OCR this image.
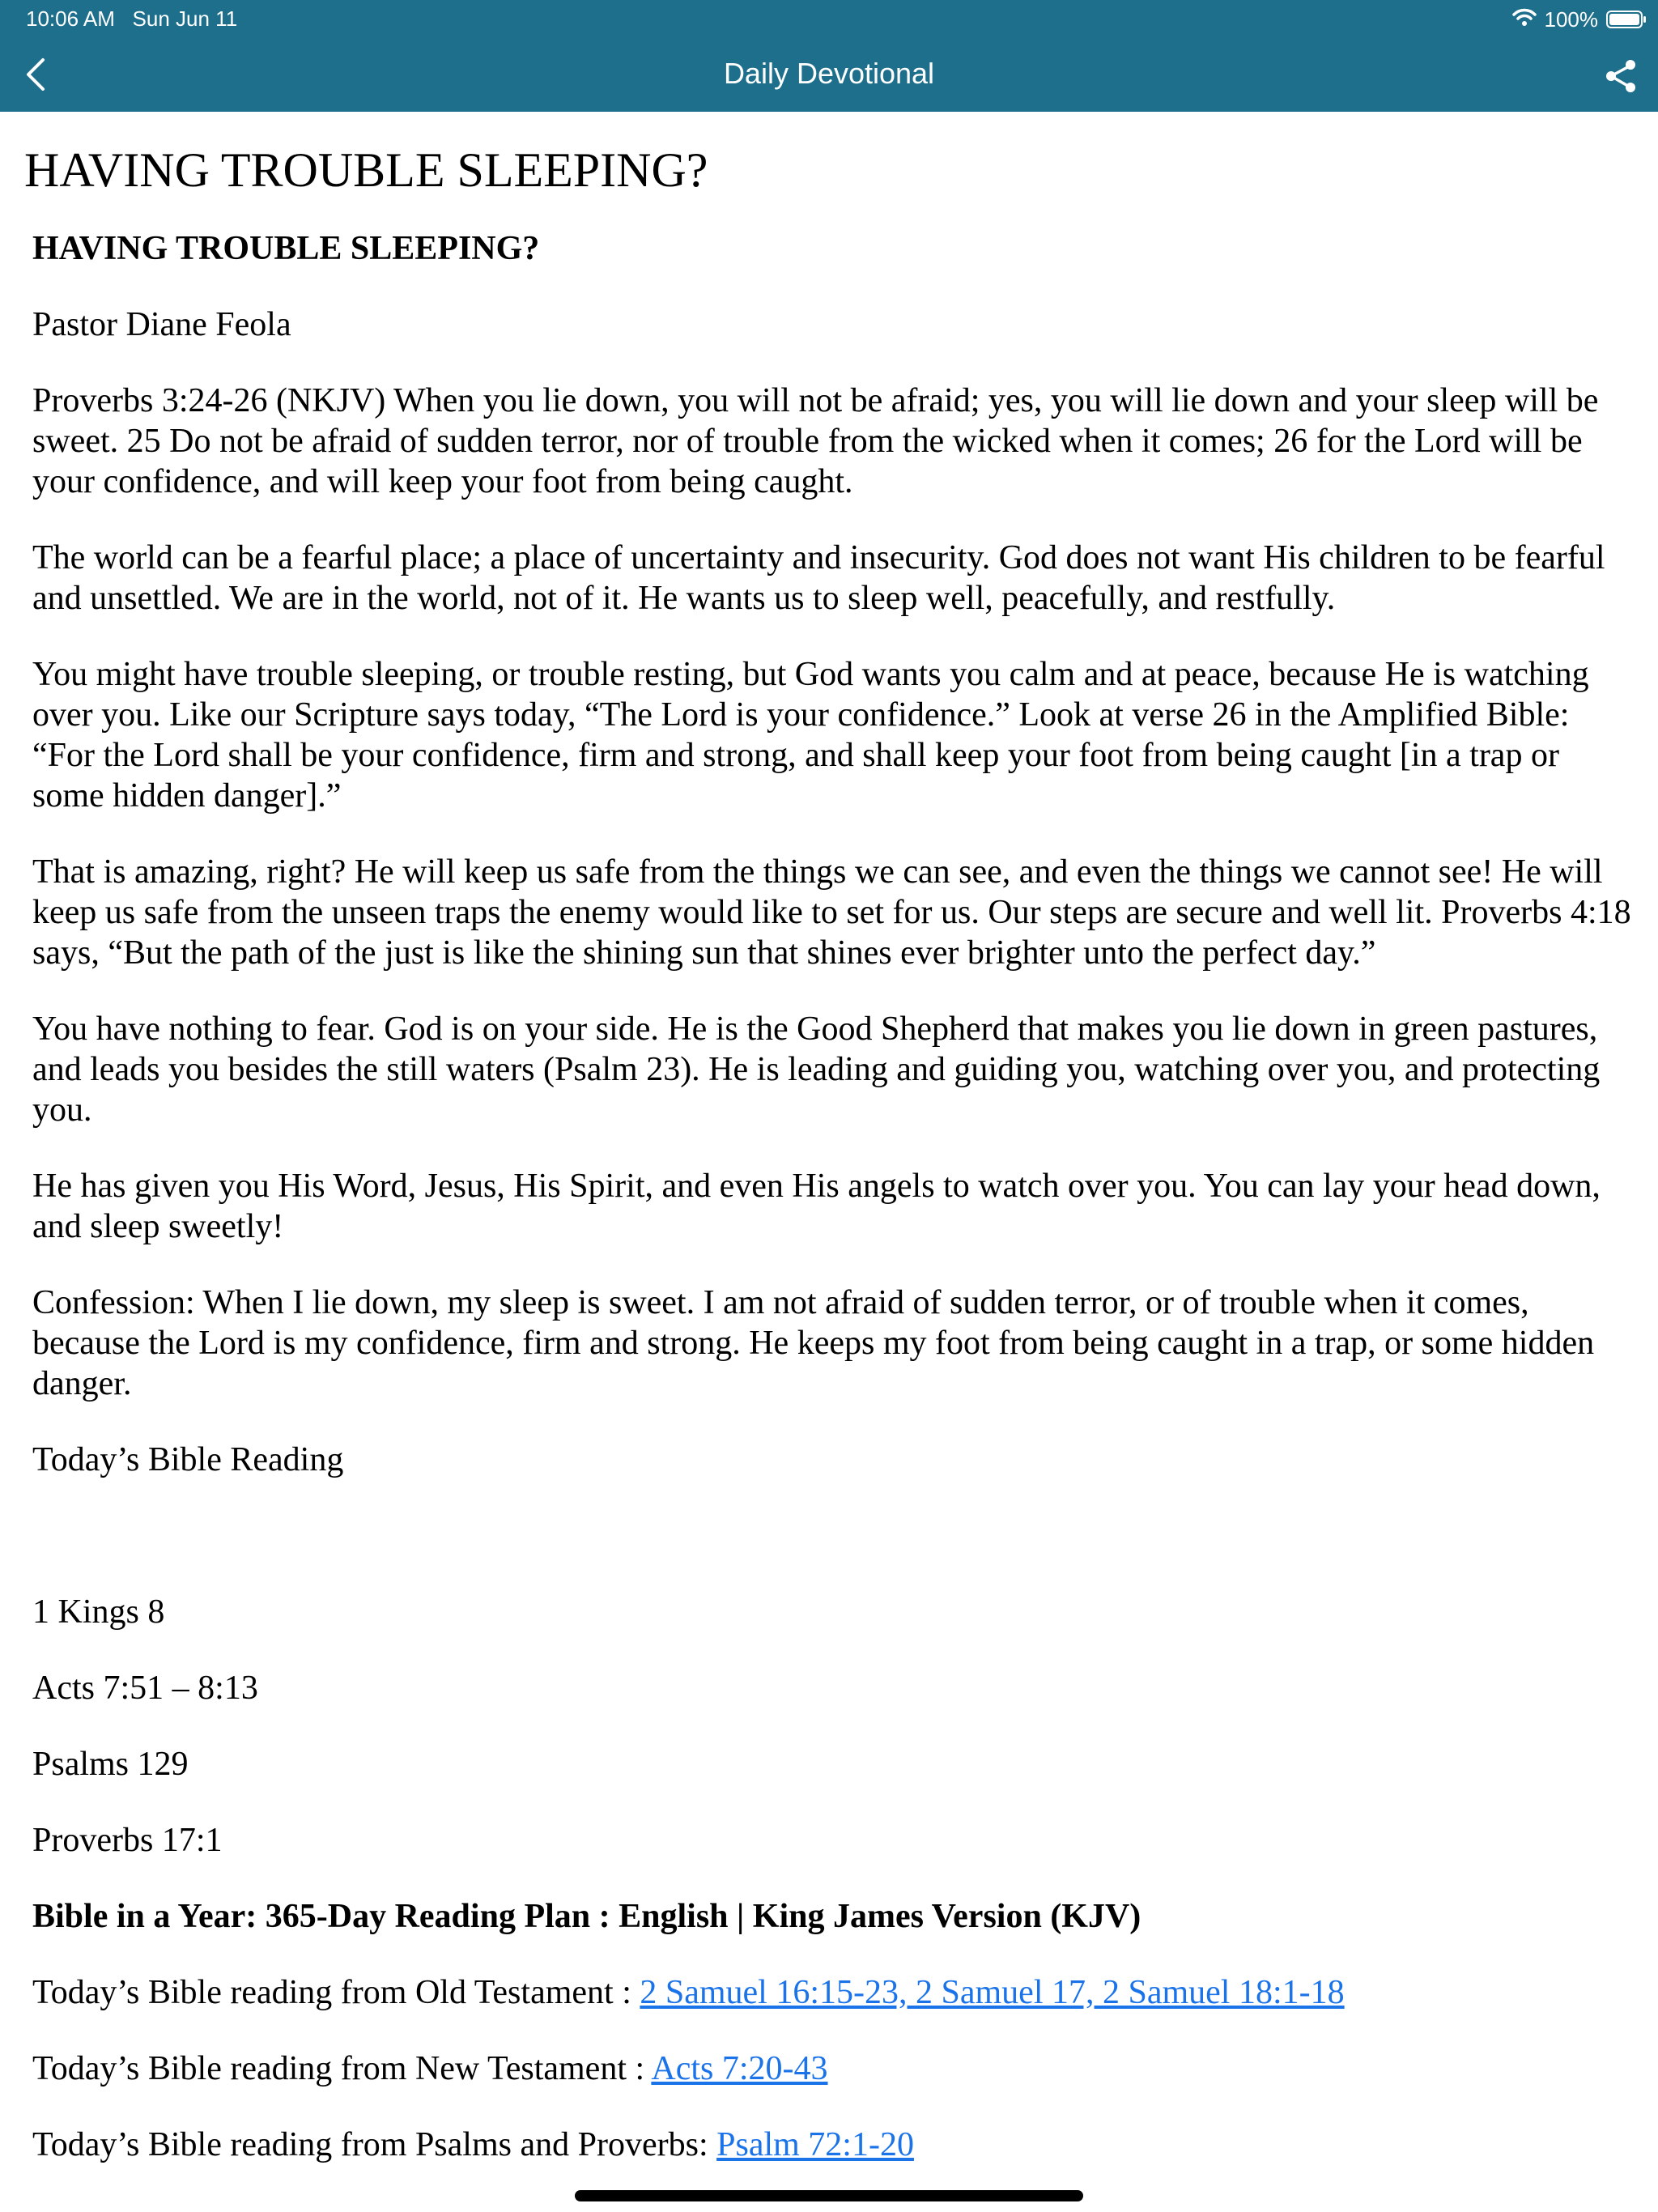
10:06 AM Sun Jun 11	100%
Daily Devotional
HAVING TROUBLE SLEEPING?

HAVING TROUBLE SLEEPING?

Pastor Diane Feola

Proverbs 3:24-26 (NKJV) When you lie down, you will not be afraid; yes, you will lie down and your sleep will be sweet. 25 Do not be afraid of sudden terror, nor of trouble from the wicked when it comes; 26 for the Lord will be your confidence, and will keep your foot from being caught.

The world can be a fearful place; a place of uncertainty and insecurity. God does not want His children to be fearful and unsettled. We are in the world, not of it. He wants us to sleep well, peacefully, and restfully.

You might have trouble sleeping, or trouble resting, but God wants you calm and at peace, because He is watching over you. Like our Scripture says today, “The Lord is your confidence.” Look at verse 26 in the Amplified Bible: “For the Lord shall be your confidence, firm and strong, and shall keep your foot from being caught [in a trap or some hidden danger].”

That is amazing, right? He will keep us safe from the things we can see, and even the things we cannot see! He will keep us safe from the unseen traps the enemy would like to set for us. Our steps are secure and well lit. Proverbs 4:18 says, “But the path of the just is like the shining sun that shines ever brighter unto the perfect day.”

You have nothing to fear. God is on your side. He is the Good Shepherd that makes you lie down in green pastures, and leads you besides the still waters (Psalm 23). He is leading and guiding you, watching over you, and protecting you.

He has given you His Word, Jesus, His Spirit, and even His angels to watch over you. You can lay your head down, and sleep sweetly!

Confession: When I lie down, my sleep is sweet. I am not afraid of sudden terror, or of trouble when it comes, because the Lord is my confidence, firm and strong. He keeps my foot from being caught in a trap, or some hidden danger.

Today’s Bible Reading

1 Kings 8

Acts 7:51 – 8:13

Psalms 129

Proverbs 17:1

Bible in a Year: 365-Day Reading Plan : English | King James Version (KJV)

Today’s Bible reading from Old Testament : 2 Samuel 16:15-23, 2 Samuel 17, 2 Samuel 18:1-18

Today’s Bible reading from New Testament : Acts 7:20-43

Today’s Bible reading from Psalms and Proverbs: Psalm 72:1-20
